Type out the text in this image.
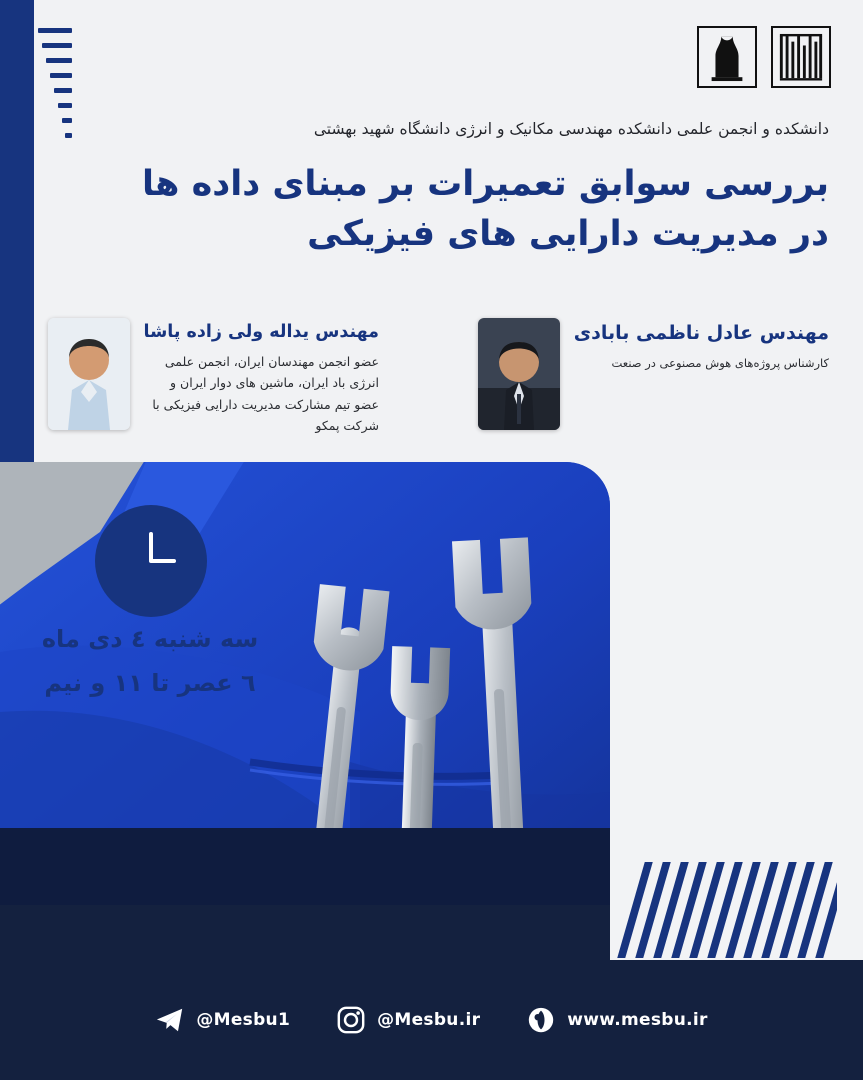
دانشکده و انجمن علمی دانشکده مهندسی مکانیک و انرژی دانشگاه شهید بهشتی
بررسی سوابق تعمیرات بر مبنای داده ها
در مدیریت دارایی های فیزیکی
مهندس عادل ناظمی بابادی
کارشناس پروژه‌های هوش مصنوعی در صنعت
مهندس یداله ولی زاده پاشا
عضو انجمن مهندسان ایران، انجمن علمی انرژی باد ایران، ماشین های دوار ایران و عضو تیم مشارکت مدیریت دارایی فیزیکی با شرکت پمکو
سه شنبه ٤ دی ماه
٦ عصر تا ١١ و نیم
@Mesbu1	@Mesbu.ir	www.mesbu.ir
